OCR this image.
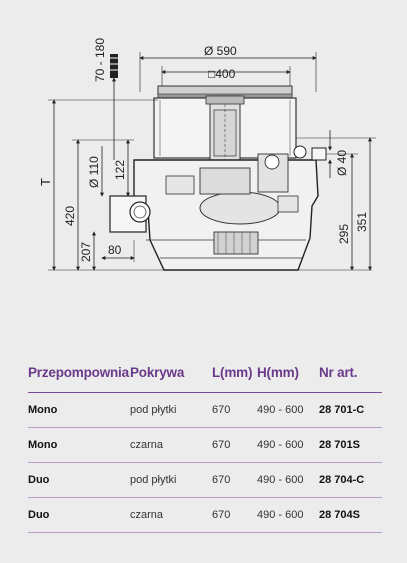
Ø 590
□400
70 - 180
T
420
Ø 110 122
207 80
Ø 40
295
351
Przepompownia	Pokrywa	L(mm)	H(mm)	Nr art.
Mono	pod płytki	670	490 - 600	28 701-C
Mono	czarna	670	490 - 600	28 701S
Duo	pod płytki	670	490 - 600	28 704-C
Duo	czarna	670	490 - 600	28 704S
